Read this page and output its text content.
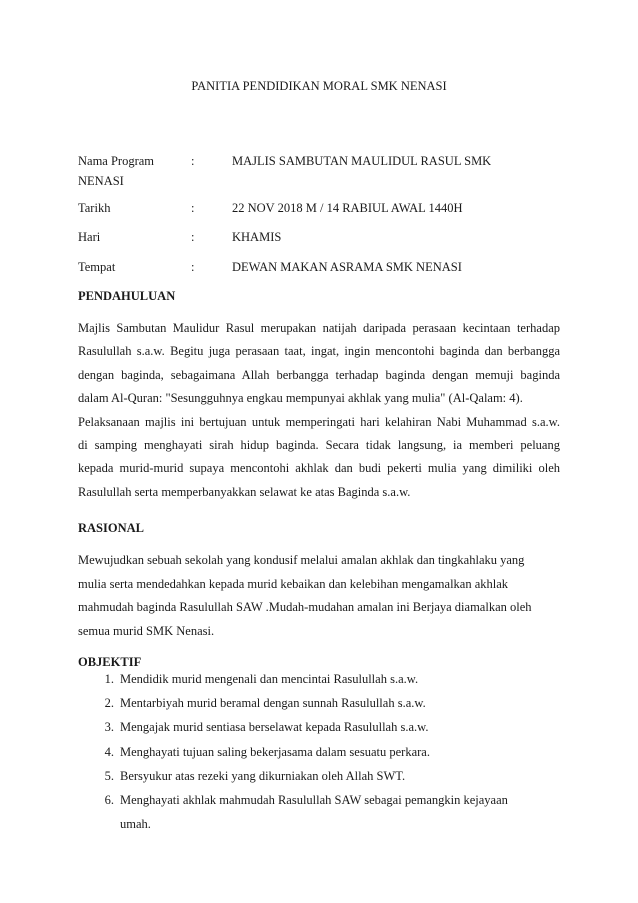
PANITIA PENDIDIKAN MORAL SMK NENASI
Nama Program	:	MAJLIS SAMBUTAN MAULIDUL RASUL SMK
NENASI
Tarikh	:	22 NOV 2018 M / 14 RABIUL AWAL 1440H
Hari	:	KHAMIS
Tempat	:	DEWAN MAKAN ASRAMA SMK NENASI
PENDAHULUAN
Majlis Sambutan Maulidur Rasul merupakan natijah daripada perasaan kecintaan terhadap
Rasulullah s.a.w. Begitu juga perasaan taat, ingat, ingin mencontohi baginda dan berbangga
dengan baginda, sebagaimana Allah berbangga terhadap baginda dengan memuji baginda
dalam Al-Quran: "Sesungguhnya engkau mempunyai akhlak yang mulia" (Al-Qalam: 4).
Pelaksanaan majlis ini bertujuan untuk memperingati hari kelahiran Nabi Muhammad s.a.w.
di samping menghayati sirah hidup baginda. Secara tidak langsung, ia memberi peluang
kepada murid-murid supaya mencontohi akhlak dan budi pekerti mulia yang dimiliki oleh
Rasulullah serta memperbanyakkan selawat ke atas Baginda s.a.w.
RASIONAL
Mewujudkan sebuah sekolah yang kondusif melalui amalan akhlak dan tingkahlaku yang
mulia serta mendedahkan kepada murid kebaikan dan kelebihan mengamalkan akhlak
mahmudah baginda Rasulullah SAW .Mudah-mudahan amalan ini Berjaya diamalkan oleh
semua murid SMK Nenasi.
OBJEKTIF
1. Mendidik murid mengenali dan mencintai Rasulullah s.a.w.
2. Mentarbiyah murid beramal dengan sunnah Rasulullah s.a.w.
3. Mengajak murid sentiasa berselawat kepada Rasulullah s.a.w.
4. Menghayati tujuan saling bekerjasama dalam sesuatu perkara.
5. Bersyukur atas rezeki yang dikurniakan oleh Allah SWT.
6. Menghayati akhlak mahmudah Rasulullah SAW sebagai pemangkin kejayaan
umah.
